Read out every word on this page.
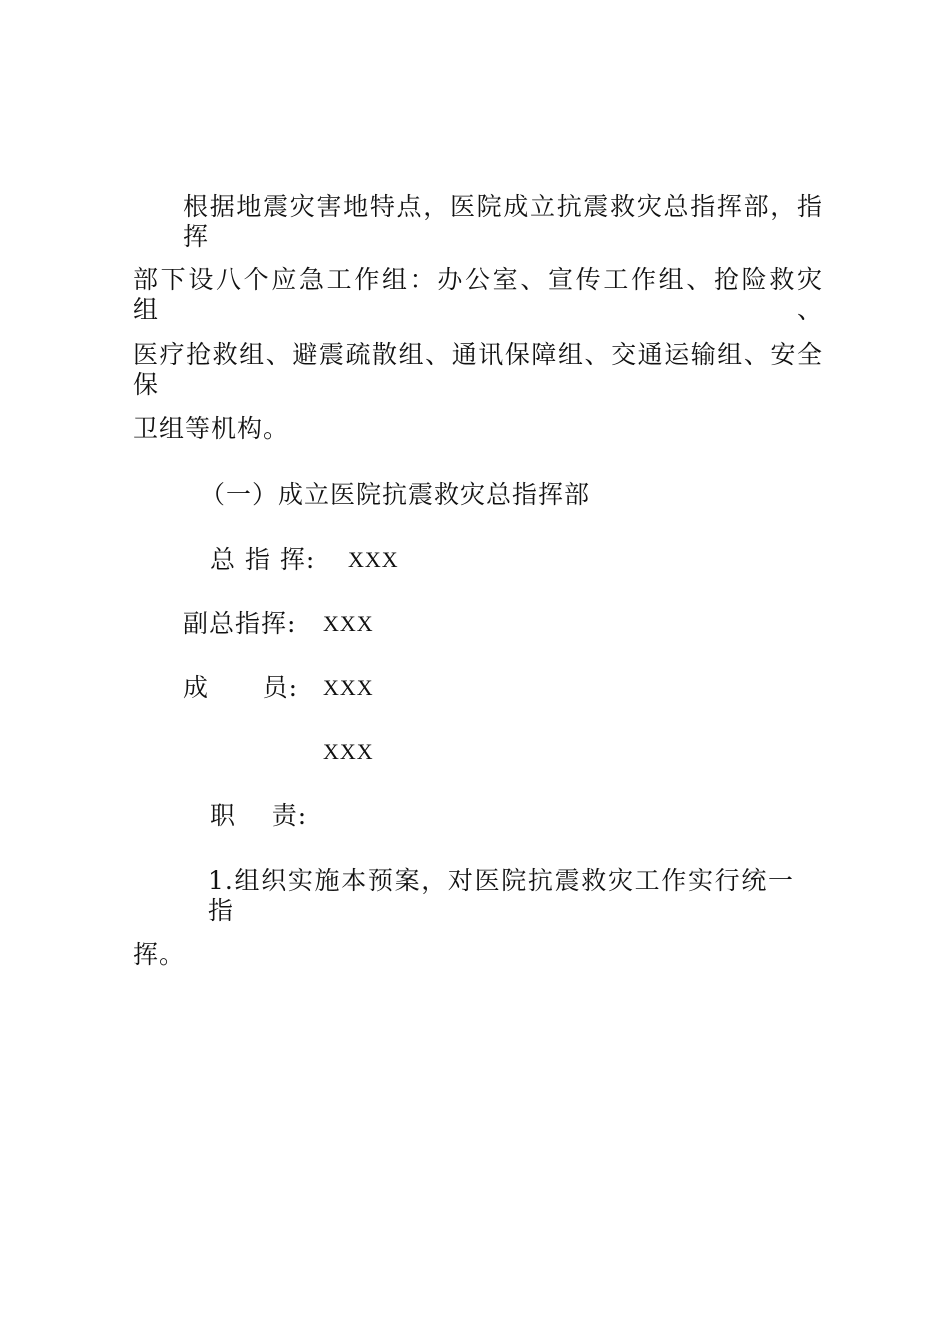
根据地震灾害地特点，医院成立抗震救灾总指挥部，指挥
部下设八个应急工作组：办公室、宣传工作组、抢险救灾组、
医疗抢救组、避震疏散组、通讯保障组、交通运输组、安全保
卫组等机构。
（一）成立医院抗震救灾总指挥部
总 指 挥: XXX
副总指挥: XXX
成      员: XXX
XXX
职    责:
1.组织实施本预案，对医院抗震救灾工作实行统一指
挥。
